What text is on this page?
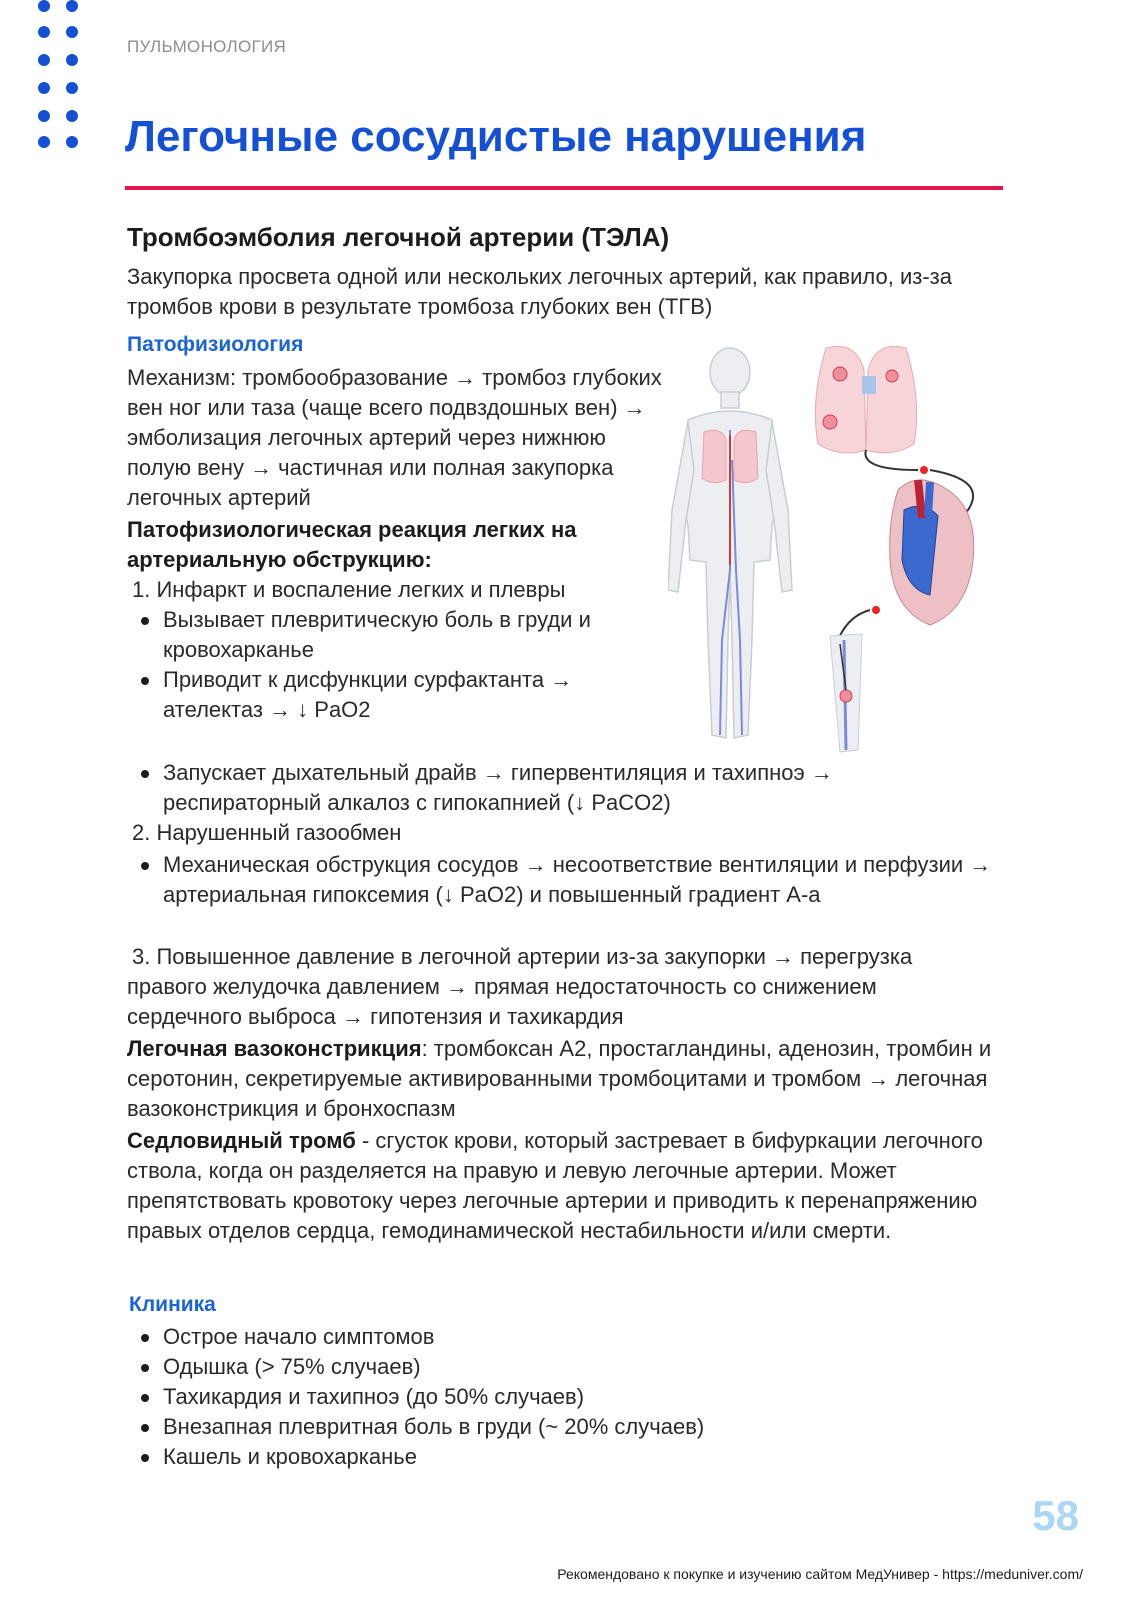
ПУЛЬМОНОЛОГИЯ
Легочные сосудистые нарушения
Тромбоэмболия легочной артерии (ТЭЛА)

Закупорка просвета одной или нескольких легочных артерий, как правило, из-за тромбов крови в результате тромбоза глубоких вен (ТГВ)

Патофизиология

Механизм: тромбообразование → тромбоз глубоких вен ног или таза (чаще всего подвздошных вен) → эмболизация легочных артерий через нижнюю полую вену → частичная или полная закупорка легочных артерий

Патофизиологическая реакция легких на артериальную обструкцию:

1. Инфаркт и воспаление легких и плевры

Вызывает плевритическую боль в груди и кровохарканье
Приводит к дисфункции сурфактанта → ателектаз → ↓ PaO2
Запускает дыхательный драйв → гипервентиляция и тахипноэ → респираторный алкалоз с гипокапнией (↓ PaCO2)

2. Нарушенный газообмен

Механическая обструкция сосудов → несоответствие вентиляции и перфузии → артериальная гипоксемия (↓ PaO2) и повышенный градиент A-a

3. Повышенное давление в легочной артерии из-за закупорки → перегрузка правого желудочка давлением → прямая недостаточность со снижением сердечного выброса → гипотензия и тахикардия

Легочная вазоконстрикция: тромбоксан A2, простагландины, аденозин, тромбин и серотонин, секретируемые активированными тромбоцитами и тромбом → легочная вазоконстрикция и бронхоспазм

Седловидный тромб - сгусток крови, который застревает в бифуркации легочного ствола, когда он разделяется на правую и левую легочные артерии. Может препятствовать кровотоку через легочные артерии и приводить к перенапряжению правых отделов сердца, гемодинамической нестабильности и/или смерти.

Клиника
Острое начало симптомов
Одышка (> 75% случаев)
Тахикардия и тахипноэ (до 50% случаев)
Внезапная плевритная боль в груди (~ 20% случаев)
Кашель и кровохарканье
58
Рекомендовано к покупке и изучению сайтом МедУнивер - https://meduniver.com/
